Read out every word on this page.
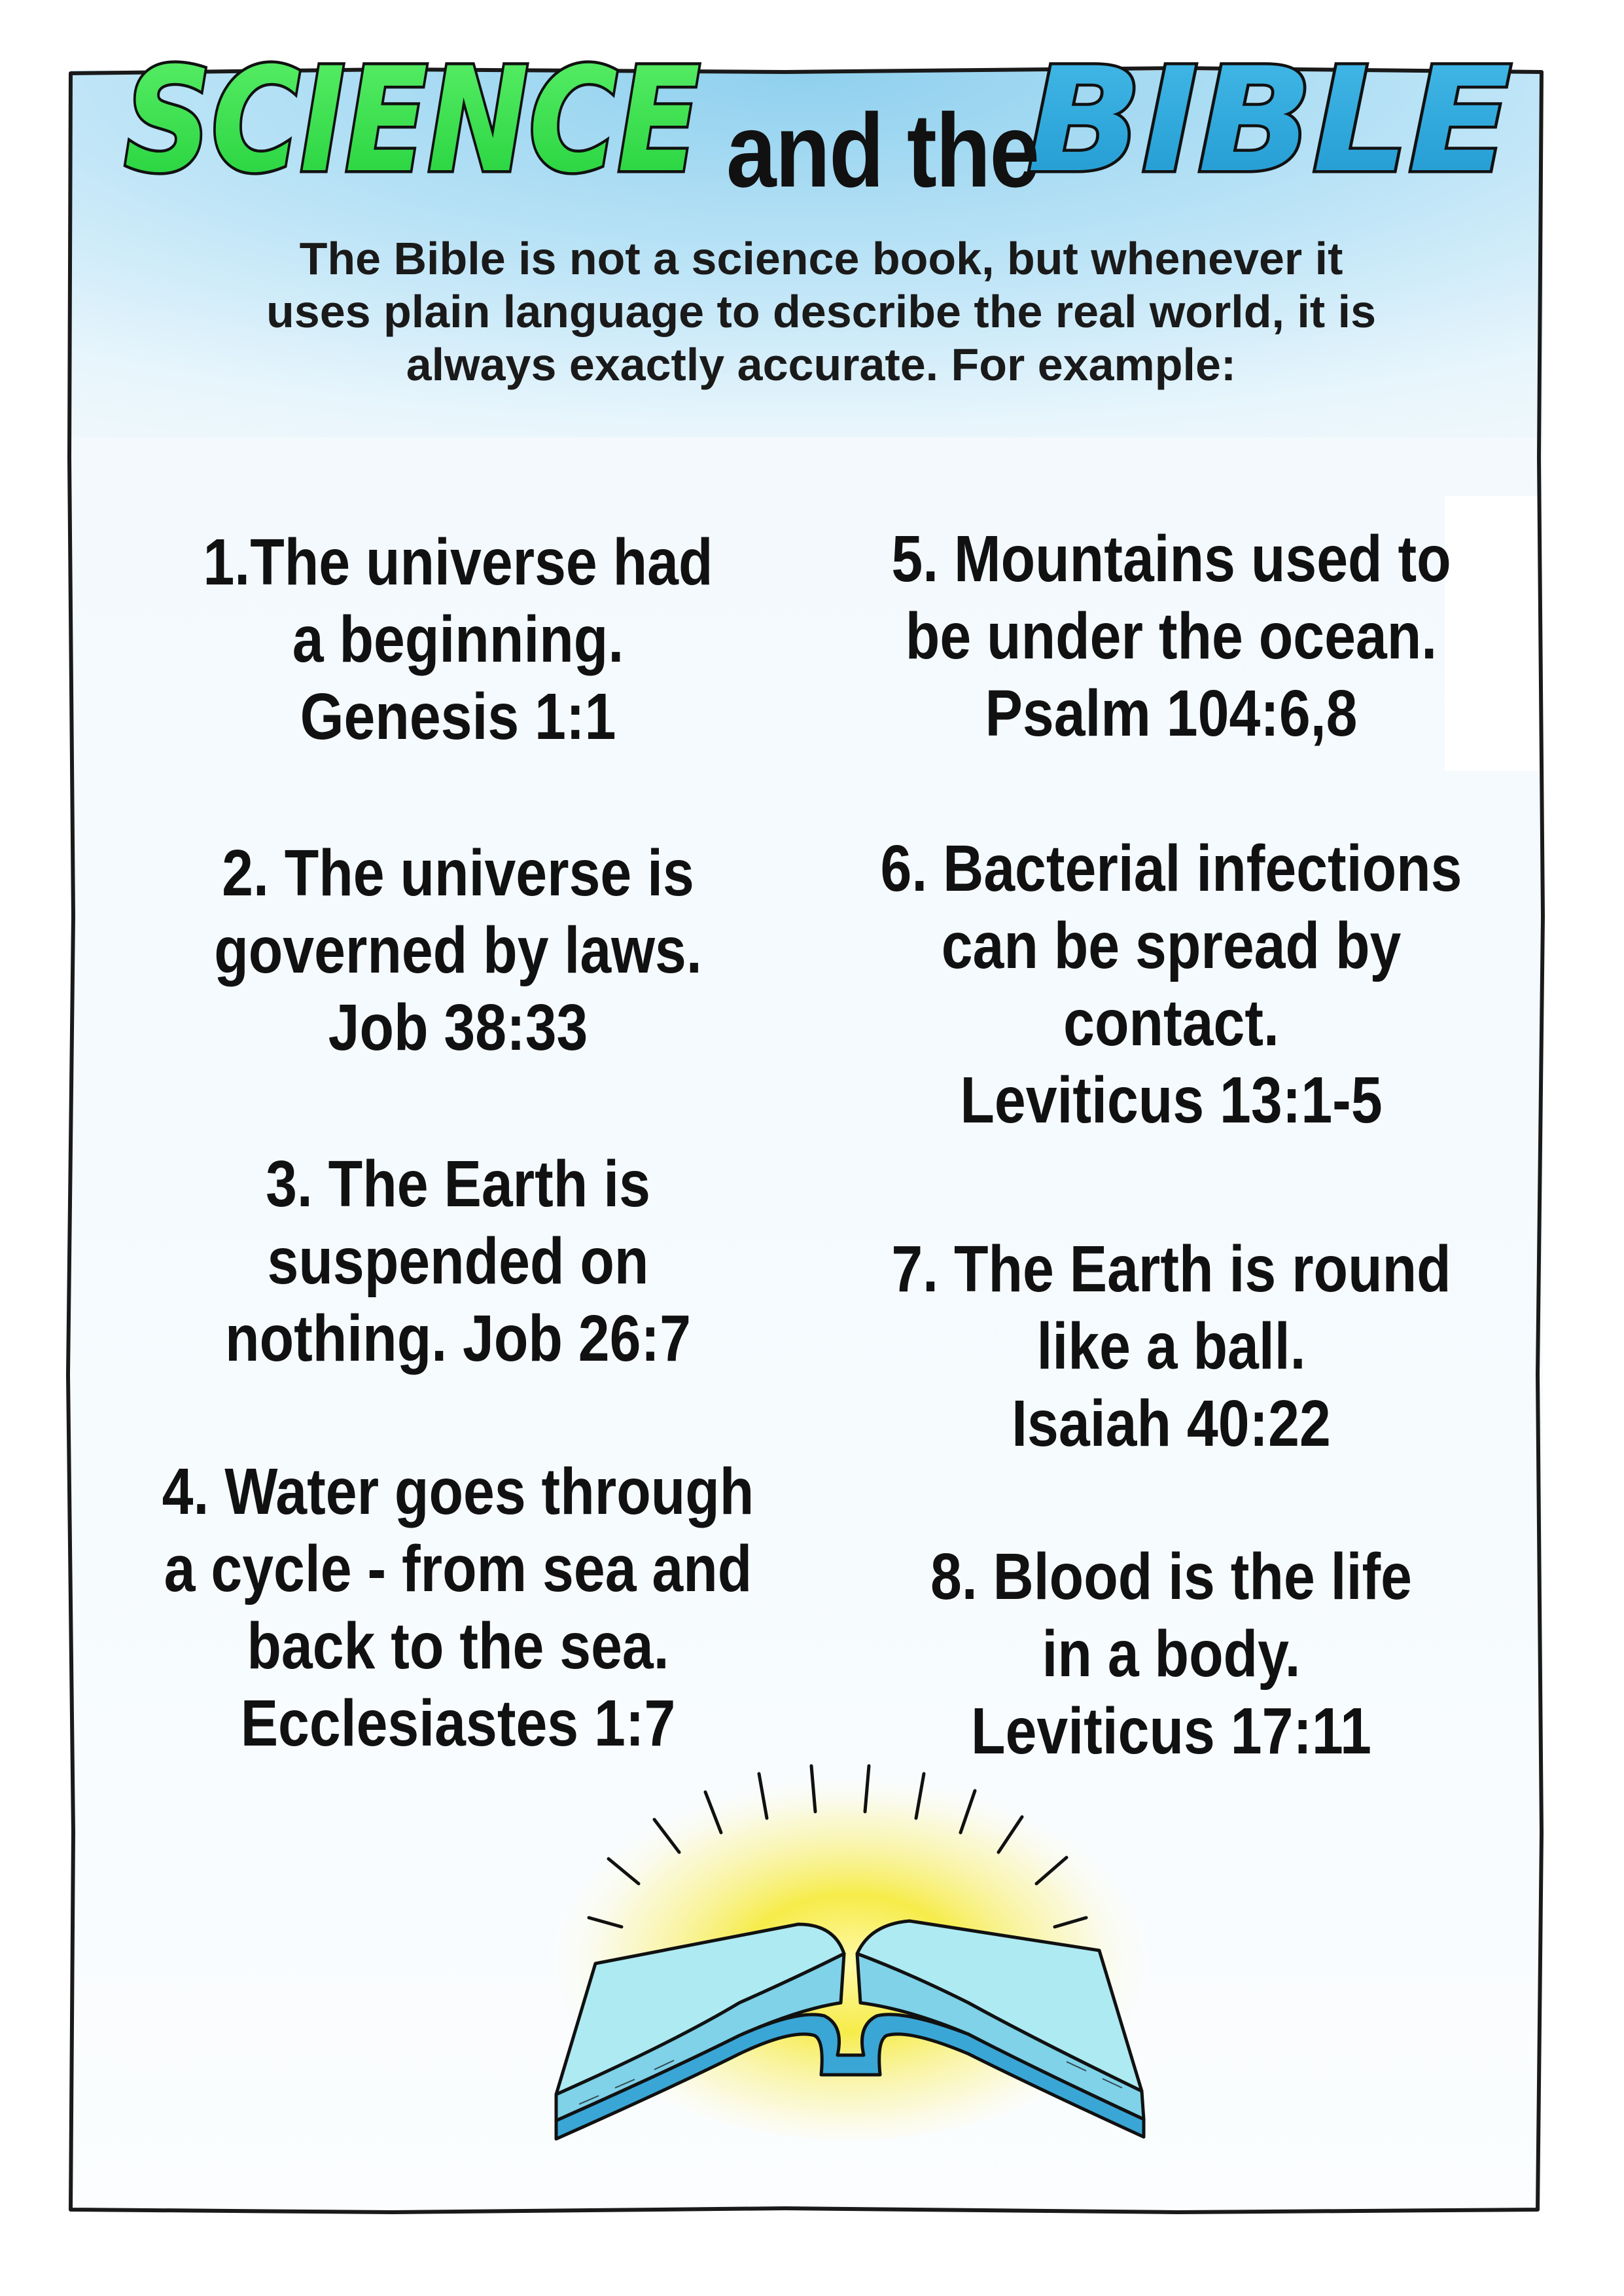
SCIENCE BIBLE
and the
The Bible is not a science book, but whenever it
uses plain language to describe the real world, it is
always exactly accurate. For example:
1.The universe had
a beginning.
Genesis 1:1
2. The universe is
governed by laws.
Job 38:33
3. The Earth is
suspended on
nothing. Job 26:7
4. Water goes through
a cycle - from sea and
back to the sea.
Ecclesiastes 1:7
5. Mountains used to
be under the ocean.
Psalm 104:6,8
6. Bacterial infections
can be spread by
contact.
Leviticus 13:1-5
7. The Earth is round
like a ball.
Isaiah 40:22
8. Blood is the life
in a body.
Leviticus 17:11
